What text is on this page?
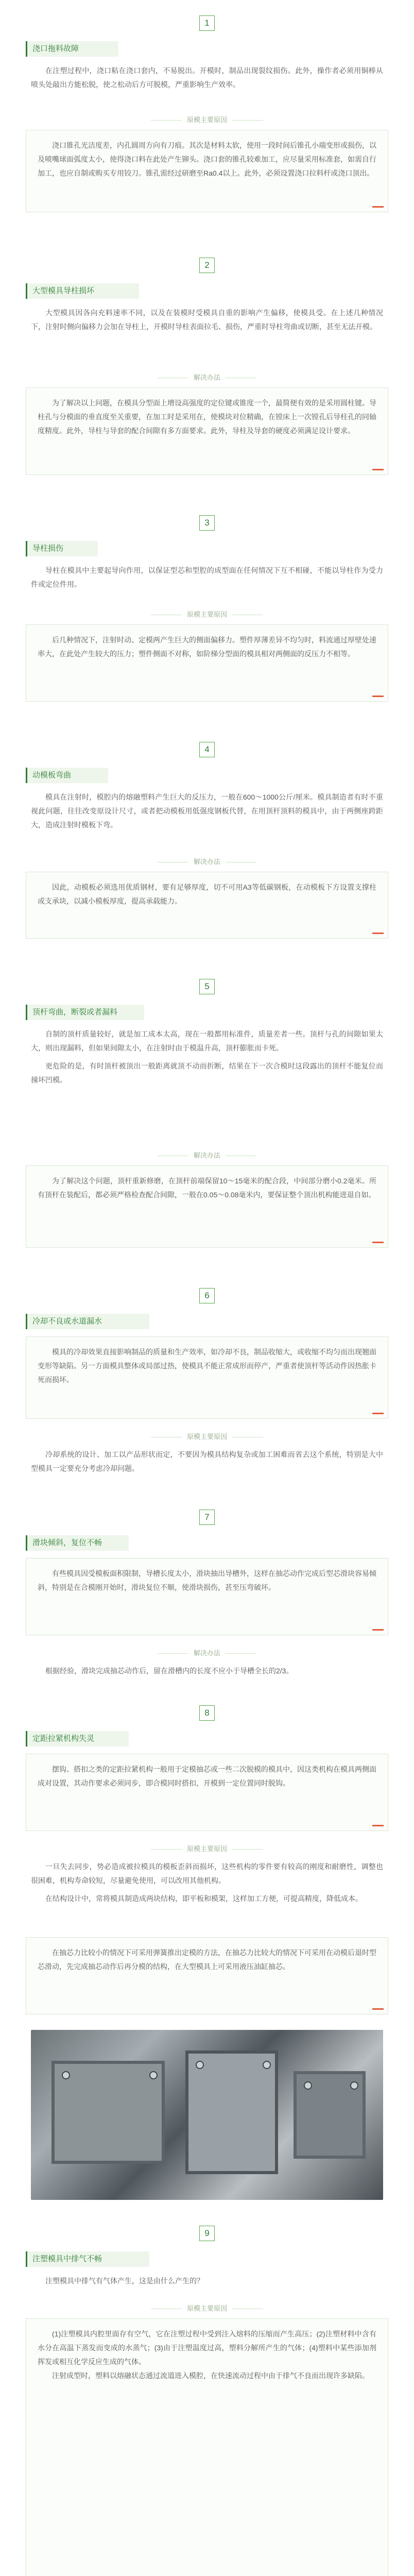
1
浇口拖料故障

在注塑过程中，浇口粘在浇口套内，不易脱出。开模时，制品出现裂纹损伤。此外，操作者必须用铜棒从喷头处敲出方能松脱，使之松动后方可脱模，严重影响生产效率。

原模主要原因

浇口锥孔光洁度差，内孔圆周方向有刀痕。其次是材料太软，使用一段时间后锥孔小端变形或损伤，以及喷嘴球面弧度太小，使得浇口料在此处产生铆头。浇口套的锥孔较难加工，应尽量采用标准套，如需自行加工，也应自制或购买专用铰刀。锥孔需经过研磨至Ra0.4以上。此外，必须设置浇口拉料杆或浇口顶出。

2
大型模具导柱损坏

大型模具因各向充料速率不同，以及在装模时受模具自重的影响产生偏移，使模具受。在上述几种情况下，注射时侧向偏移力会加在导柱上，开模时导柱表面拉毛、损伤，严重时导柱弯曲或切断，甚至无法开模。

解决办法

为了解决以上问题，在模具分型面上增设高强度的定位键或锥度一个，最简便有效的是采用圆柱键。导柱孔与分模面的垂直度至关重要，在加工时是采用在，使模块对位精确，在镗床上一次镗孔后导柱孔的同轴度精度。此外，导柱与导套的配合间隙有多方面要求。此外，导柱及导套的硬度必须满足设计要求。

3
导柱损伤

导柱在模具中主要起导向作用，以保证型芯和型腔的成型面在任何情况下互不相碰，不能以导柱作为受力件或定位件用。

原模主要原因

后几种情况下，注射时动、定模两产生巨大的侧面偏移力。塑件厚薄差异不均匀时，料流通过厚壁处速率大，在此处产生较大的压力；塑件侧面不对称，如阶梯分型面的模具相对两侧面的反压力不相等。

4
动模板弯曲

模具在注射时，模腔内的熔融塑料产生巨大的反压力，一般在600～1000公斤/厘米。模具制造者有时不重视此问题，往往改变原设计尺寸，或者把动模板用低强度钢板代替，在用顶杆顶料的模具中，由于两侧座跨距大，造成注射时模板下弯。

解决办法

因此，动模板必须选用优质钢材，要有足够厚度，切不可用A3等低碳钢板，在动模板下方设置支撑柱或支承块，以减小模板厚度，提高承载能力。

5
顶杆弯曲，断裂或者漏料

自制的顶杆质量较好，就是加工成本太高，现在一般都用标准件，质量差者一些。顶杆与孔的间隙如果太大，则出现漏料，但如果间隙太小，在注射时由于模温升高，顶杆膨胀而卡死。

更危险的是，有时顶杆被顶出一般距离就顶不动而折断，结果在下一次合模时这段露出的顶杆不能复位而撞坏凹模。

解决办法

为了解决这个问题，顶杆重新修磨，在顶杆前端保留10～15毫米的配合段，中间部分磨小0.2毫米。所有顶杆在装配后，都必须严格检查配合间隙，一般在0.05～0.08毫米内，要保证整个顶出机构能进退自如。

6
冷却不良或水道漏水

模具的冷却效果直接影响制品的质量和生产效率，如冷却不良，制品收缩大，或收缩不均匀而出现翘面变形等缺陷。另一方面模具整体或局部过热，使模具不能正常成形而停产，严重者使顶杆等活动件因热胀卡死而损坏。

原模主要原因

冷却系统的设计、加工以产品形状而定，不要因为模具结构复杂或加工困难而省去这个系统，特别是大中型模具一定要充分考虑冷却问题。

7
滑块倾斜，复位不畅

有些模具因受模板面积限制，导槽长度太小，滑块抽出导槽外，这样在抽芯动作完成后型芯滑块容易倾斜，特别是在合模刚开始时，滑块复位不顺，使滑块损伤，甚至压弯破坏。

解决办法

根据经验，滑块完成抽芯动作后，留在滑槽内的长度不应小于导槽全长的2/3。

8
定距拉紧机构失灵

摆钩、搭扣之类的定距拉紧机构一般用于定模抽芯或一些二次脱模的模具中，因这类机构在模具两侧面成对设置，其动作要求必须同步，即合模同时搭扣，开模到一定位置同时脱钩。

原模主要原因

一旦失去同步，势必造成被拉模具的模板歪斜而损坏，这些机构的零件要有较高的刚度和耐磨性，调整也很困难，机构寿命较短，尽量避免使用，可以改用其他机构。

在结构设计中，常将模具制造成两块结构，即平板和模架，这样加工方便，可提高精度，降低成本。

在抽芯力比较小的情况下可采用弹簧推出定模的方法，在抽芯力比较大的情况下可采用在动模后退时型芯滑动，先完成抽芯动作后再分模的结构，在大型模具上可采用液压油缸抽芯。

9
注塑模具中排气不畅

注塑模具中排气有气体产生，这是由什么产生的？

原模主要原因

(1)注塑模具内腔里面存有空气，它在注塑过程中受到注入熔料的压缩而产生高压；(2)注塑材料中含有水分在高温下蒸发而变成的水蒸气；(3)由于注塑温度过高，塑料分解所产生的气体；(4)塑料中某些添加剂挥发或相互化学反应生成的气体。

注射成型时，塑料以熔融状态通过流道进入模腔，在快速流动过程中由于排气不良而出现许多缺陷。
